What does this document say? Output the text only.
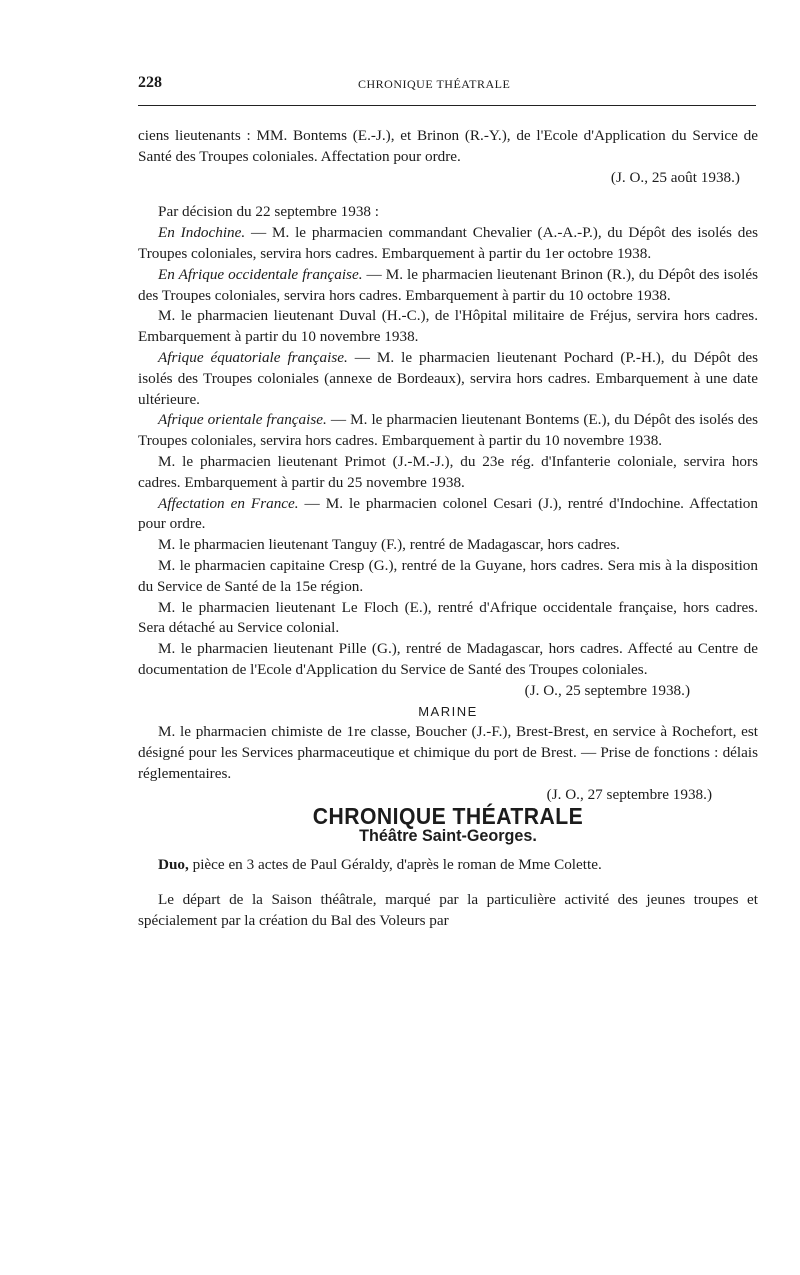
228	CHRONIQUE THÉATRALE

ciens lieutenants : MM. Bontems (E.-J.), et Brinon (R.-Y.), de l'Ecole d'Application du Service de Santé des Troupes coloniales. Affectation pour ordre.

(J. O., 25 août 1938.)

Par décision du 22 septembre 1938 :

En Indochine. — M. le pharmacien commandant Chevalier (A.-A.-P.), du Dépôt des isolés des Troupes coloniales, servira hors cadres. Embarquement à partir du 1er octobre 1938.

En Afrique occidentale française. — M. le pharmacien lieutenant Brinon (R.), du Dépôt des isolés des Troupes coloniales, servira hors cadres. Embarquement à partir du 10 octobre 1938.

M. le pharmacien lieutenant Duval (H.-C.), de l'Hôpital militaire de Fréjus, servira hors cadres. Embarquement à partir du 10 novembre 1938.

Afrique équatoriale française. — M. le pharmacien lieutenant Pochard (P.-H.), du Dépôt des isolés des Troupes coloniales (annexe de Bordeaux), servira hors cadres. Embarquement à une date ultérieure.

Afrique orientale française. — M. le pharmacien lieutenant Bontems (E.), du Dépôt des isolés des Troupes coloniales, servira hors cadres. Embarquement à partir du 10 novembre 1938.

M. le pharmacien lieutenant Primot (J.-M.-J.), du 23e rég. d'Infanterie coloniale, servira hors cadres. Embarquement à partir du 25 novembre 1938.

Affectation en France. — M. le pharmacien colonel Cesari (J.), rentré d'Indochine. Affectation pour ordre.

M. le pharmacien lieutenant Tanguy (F.), rentré de Madagascar, hors cadres.

M. le pharmacien capitaine Cresp (G.), rentré de la Guyane, hors cadres. Sera mis à la disposition du Service de Santé de la 15e région.

M. le pharmacien lieutenant Le Floch (E.), rentré d'Afrique occidentale française, hors cadres. Sera détaché au Service colonial.

M. le pharmacien lieutenant Pille (G.), rentré de Madagascar, hors cadres. Affecté au Centre de documentation de l'Ecole d'Application du Service de Santé des Troupes coloniales.

(J. O., 25 septembre 1938.)

MARINE

M. le pharmacien chimiste de 1re classe, Boucher (J.-F.), Brest-Brest, en service à Rochefort, est désigné pour les Services pharmaceutique et chimique du port de Brest. — Prise de fonctions : délais réglementaires.

(J. O., 27 septembre 1938.)

CHRONIQUE THÉATRALE

Théâtre Saint-Georges.

Duo, pièce en 3 actes de Paul Géraldy, d'après le roman de Mme Colette.

Le départ de la Saison théâtrale, marqué par la particulière activité des jeunes troupes et spécialement par la création du Bal des Voleurs par
